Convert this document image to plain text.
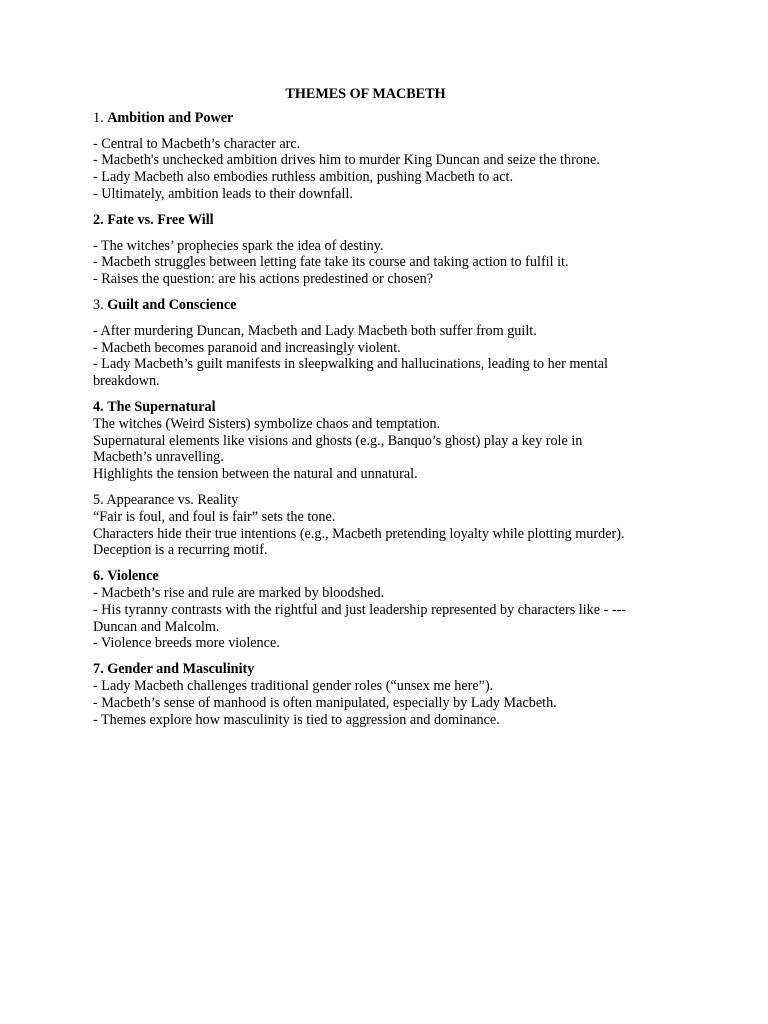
THEMES OF MACBETH

1. Ambition and Power

- Central to Macbeth’s character arc.
- Macbeth's unchecked ambition drives him to murder King Duncan and seize the throne.
- Lady Macbeth also embodies ruthless ambition, pushing Macbeth to act.
- Ultimately, ambition leads to their downfall.

2. Fate vs. Free Will

- The witches’ prophecies spark the idea of destiny.
- Macbeth struggles between letting fate take its course and taking action to fulfil it.
- Raises the question: are his actions predestined or chosen?

3. Guilt and Conscience

- After murdering Duncan, Macbeth and Lady Macbeth both suffer from guilt.
- Macbeth becomes paranoid and increasingly violent.
- Lady Macbeth’s guilt manifests in sleepwalking and hallucinations, leading to her mental
breakdown.

4. The Supernatural

The witches (Weird Sisters) symbolize chaos and temptation.
Supernatural elements like visions and ghosts (e.g., Banquo’s ghost) play a key role in
Macbeth’s unravelling.
Highlights the tension between the natural and unnatural.

5. Appearance vs. Reality

“Fair is foul, and foul is fair” sets the tone.
Characters hide their true intentions (e.g., Macbeth pretending loyalty while plotting murder).
Deception is a recurring motif.

6. Violence

- Macbeth’s rise and rule are marked by bloodshed.
- His tyranny contrasts with the rightful and just leadership represented by characters like - ---
Duncan and Malcolm.
- Violence breeds more violence.

7. Gender and Masculinity

- Lady Macbeth challenges traditional gender roles (“unsex me here”).
- Macbeth’s sense of manhood is often manipulated, especially by Lady Macbeth.
- Themes explore how masculinity is tied to aggression and dominance.
